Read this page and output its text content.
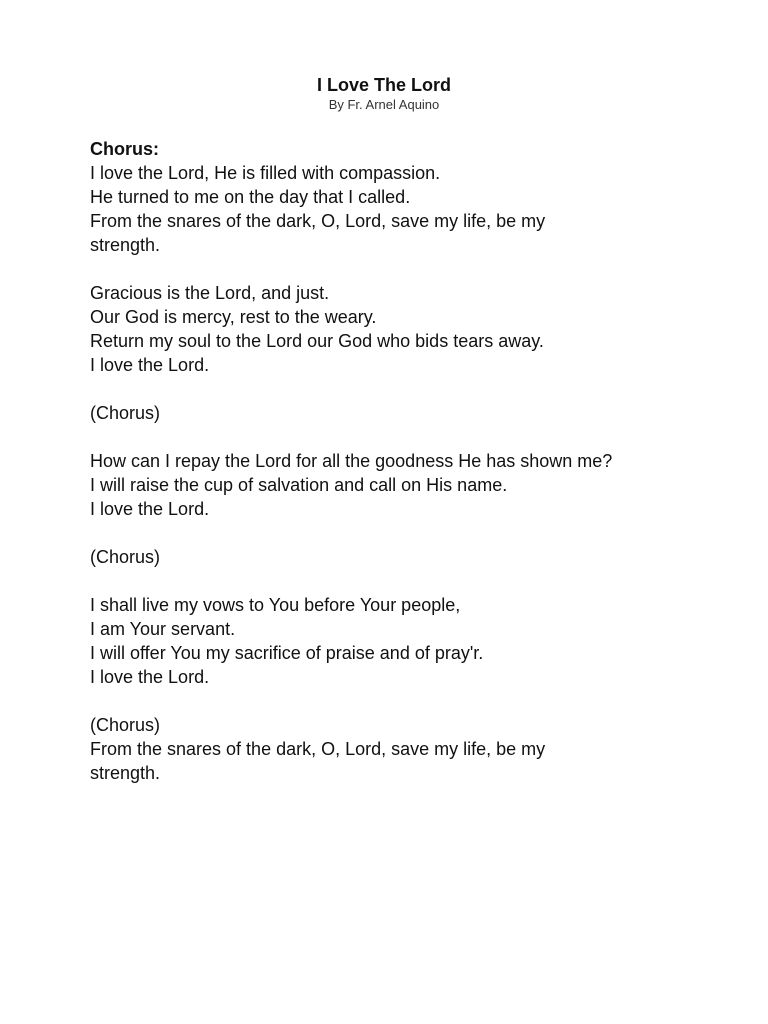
I Love The Lord
By Fr. Arnel Aquino
Chorus:
I love the Lord, He is filled with compassion.
He turned to me on the day that I called.
From the snares of the dark, O, Lord, save my life, be my
strength.
Gracious is the Lord, and just.
Our God is mercy, rest to the weary.
Return my soul to the Lord our God who bids tears away.
I love the Lord.
(Chorus)
How can I repay the Lord for all the goodness He has shown me?
I will raise the cup of salvation and call on His name.
I love the Lord.
(Chorus)
I shall live my vows to You before Your people,
I am Your servant.
I will offer You my sacrifice of praise and of pray'r.
I love the Lord.
(Chorus)
From the snares of the dark, O, Lord, save my life, be my
strength.
